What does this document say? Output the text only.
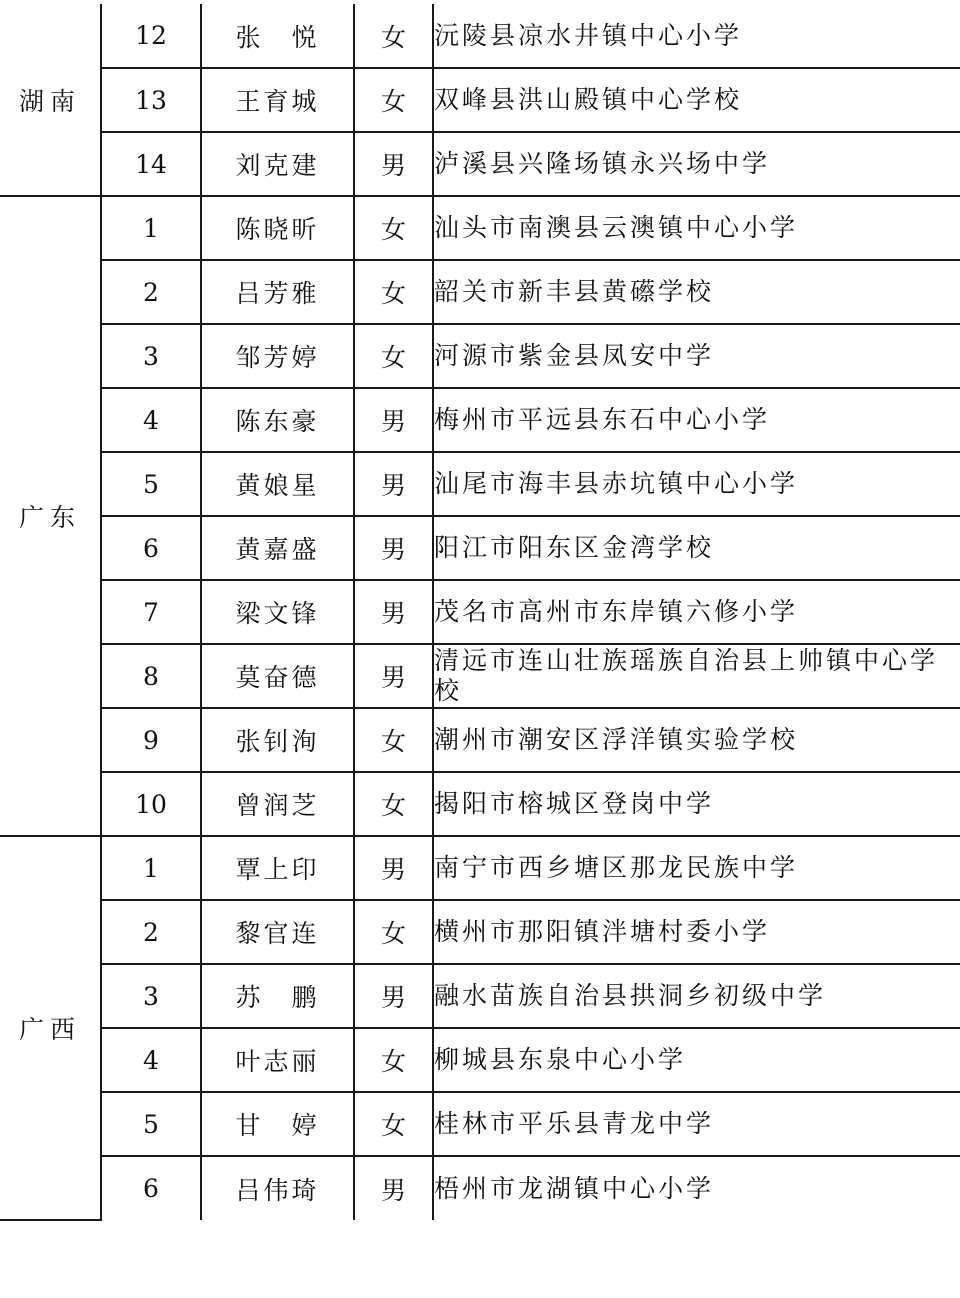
湖南	12	张　悦	女	沅陵县凉水井镇中心小学
	13	王育城	女	双峰县洪山殿镇中心学校
	14	刘克建	男	泸溪县兴隆场镇永兴场中学
广东	1	陈晓昕	女	汕头市南澳县云澳镇中心小学
	2	吕芳雅	女	韶关市新丰县黄礤学校
	3	邹芳婷	女	河源市紫金县凤安中学
	4	陈东豪	男	梅州市平远县东石中心小学
	5	黄娘星	男	汕尾市海丰县赤坑镇中心小学
	6	黄嘉盛	男	阳江市阳东区金湾学校
	7	梁文锋	男	茂名市高州市东岸镇六修小学
	8	莫奋德	男	清远市连山壮族瑶族自治县上帅镇中心学校
	9	张钊洵	女	潮州市潮安区浮洋镇实验学校
	10	曾润芝	女	揭阳市榕城区登岗中学
广西	1	覃上印	男	南宁市西乡塘区那龙民族中学
	2	黎官连	女	横州市那阳镇泮塘村委小学
	3	苏　鹏	男	融水苗族自治县拱洞乡初级中学
	4	叶志丽	女	柳城县东泉中心小学
	5	甘　婷	女	桂林市平乐县青龙中学
	6	吕伟琦	男	梧州市龙湖镇中心小学
